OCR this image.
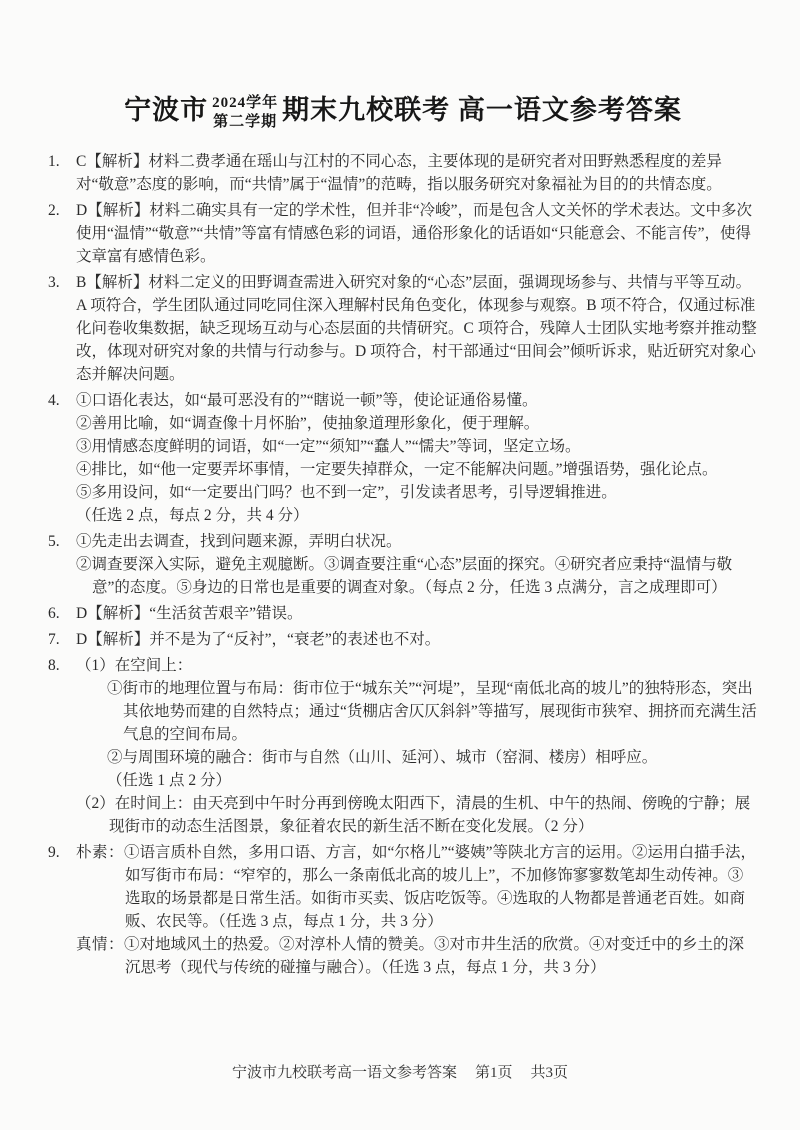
宁波市 2024学年
第二学期 期末九校联考 高一语文参考答案
1. C【解析】材料二费孝通在瑶山与江村的不同心态，主要体现的是研究者对田野熟悉程度的差异对“敬意”态度的影响，而“共情”属于“温情”的范畴，指以服务研究对象福祉为目的的共情态度。

2. D【解析】材料二确实具有一定的学术性，但并非“冷峻”，而是包含人文关怀的学术表达。文中多次使用“温情”“敬意”“共情”等富有情感色彩的词语，通俗形象化的话语如“只能意会、不能言传”，使得文章富有感情色彩。

3. B【解析】材料二定义的田野调查需进入研究对象的“心态”层面，强调现场参与、共情与平等互动。A 项符合，学生团队通过同吃同住深入理解村民角色变化，体现参与观察。B 项不符合，仅通过标准化问卷收集数据，缺乏现场互动与心态层面的共情研究。C 项符合，残障人士团队实地考察并推动整改，体现对研究对象的共情与行动参与。D 项符合，村干部通过“田间会”倾听诉求，贴近研究对象心态并解决问题。

4. ①口语化表达，如“最可恶没有的”“瞎说一顿”等，使论证通俗易懂。

②善用比喻，如“调查像十月怀胎”，使抽象道理形象化，便于理解。

③用情感态度鲜明的词语，如“一定”“须知”“蠢人”“懦夫”等词，坚定立场。

④排比，如“他一定要弄坏事情，一定要失掉群众，一定不能解决问题。”增强语势，强化论点。

⑤多用设问，如“一定要出门吗？也不到一定”，引发读者思考，引导逻辑推进。

（任选 2 点，每点 2 分，共 4 分）

5. ①先走出去调查，找到问题来源，弄明白状况。

②调查要深入实际，避免主观臆断。③调查要注重“心态”层面的探究。④研究者应秉持“温情与敬意”的态度。⑤身边的日常也是重要的调查对象。（每点 2 分，任选 3 点满分，言之成理即可）

6. D【解析】“生活贫苦艰辛”错误。

7. D【解析】并不是为了“反衬”，“衰老”的表述也不对。

8. （1）在空间上：

①街市的地理位置与布局：街市位于“城东关”“河堤”，呈现“南低北高的坡儿”的独特形态，突出其依地势而建的自然特点；通过“货棚店舍仄仄斜斜”等描写，展现街市狭窄、拥挤而充满生活气息的空间布局。

②与周围环境的融合：街市与自然（山川、延河）、城市（窑洞、楼房）相呼应。

（任选 1 点 2 分）

（2）在时间上：由天亮到中午时分再到傍晚太阳西下，清晨的生机、中午的热闹、傍晚的宁静；展现街市的动态生活图景，象征着农民的新生活不断在变化发展。（2 分）

9. 朴素：①语言质朴自然，多用口语、方言，如“尔格儿”“婆姨”等陕北方言的运用。②运用白描手法，如写街市布局：“窄窄的，那么一条南低北高的坡儿上”，不加修饰寥寥数笔却生动传神。③选取的场景都是日常生活。如街市买卖、饭店吃饭等。④选取的人物都是普通老百姓。如商贩、农民等。（任选 3 点，每点 1 分，共 3 分）

真情：①对地域风土的热爱。②对淳朴人情的赞美。③对市井生活的欣赏。④对变迁中的乡土的深沉思考（现代与传统的碰撞与融合）。（任选 3 点，每点 1 分，共 3 分）

宁波市九校联考高一语文参考答案 第1页 共3页
